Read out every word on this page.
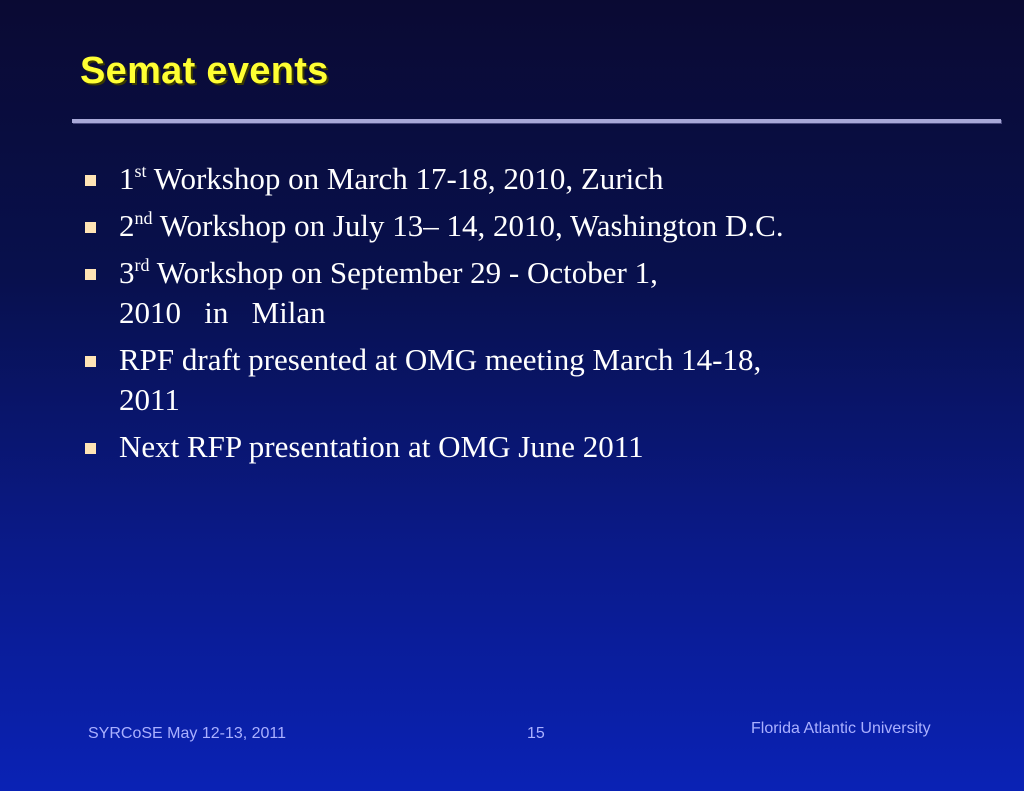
Semat events
1st Workshop on March 17-18, 2010, Zurich
2nd Workshop on July 13– 14, 2010, Washington D.C.
3rd Workshop on September 29 - October 1,
2010   in   Milan
RPF draft presented at OMG meeting March 14-18,
2011
Next RFP presentation at OMG June 2011
SYRCoSE May 12-13, 2011	15	Florida Atlantic University
